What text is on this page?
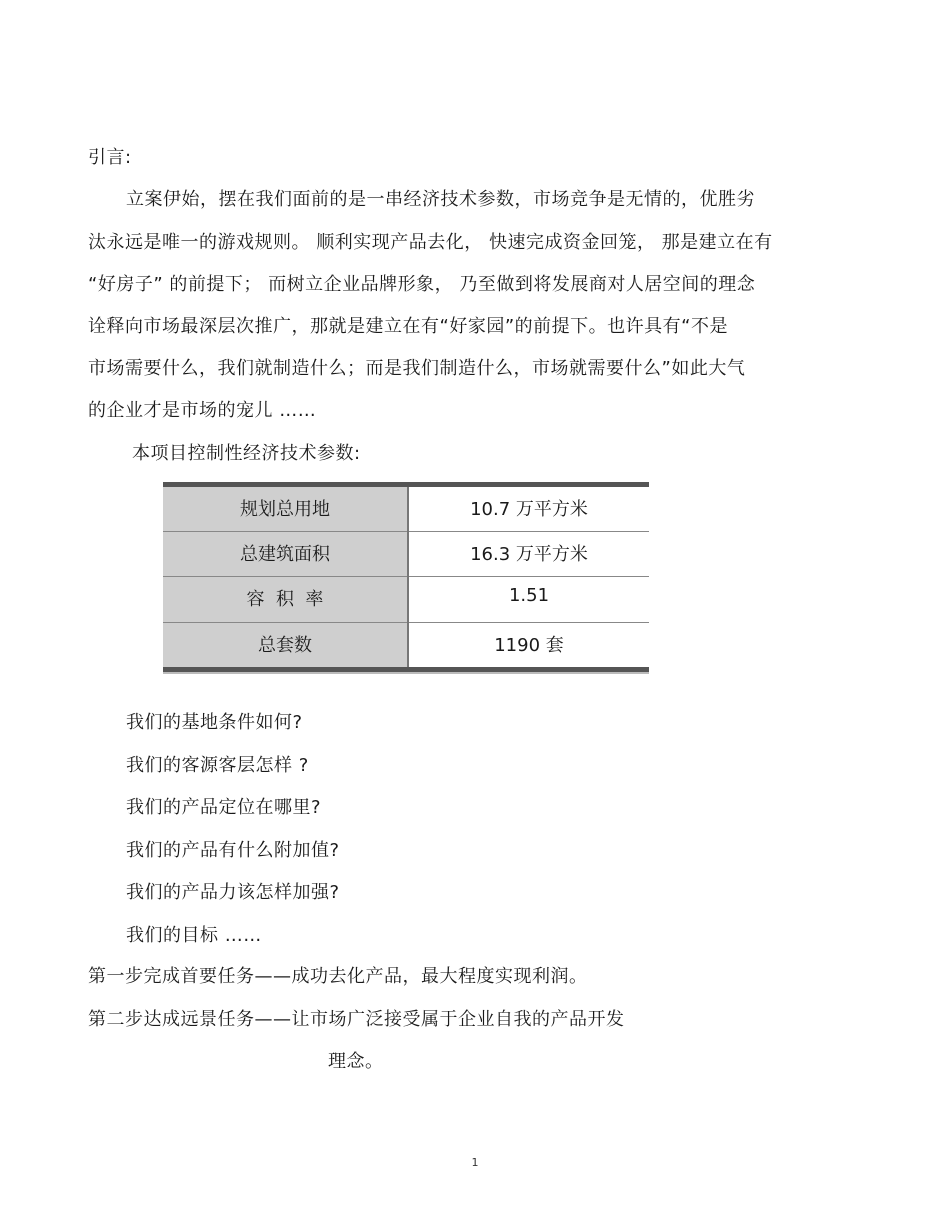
引言:
立案伊始，摆在我们面前的是一串经济技术参数，市场竞争是无情的，优胜劣
汰永远是唯一的游戏规则。 顺利实现产品去化， 快速完成资金回笼， 那是建立在有
“好房子” 的前提下； 而树立企业品牌形象， 乃至做到将发展商对人居空间的理念
诠释向市场最深层次推广，那就是建立在有“好家园”的前提下。也许具有“不是
市场需要什么，我们就制造什么；而是我们制造什么，市场就需要什么”如此大气
的企业才是市场的宠儿 ……
本项目控制性经济技术参数:
规划总用地	10.7 万平方米
总建筑面积	16.3 万平方米
容  积  率	1.51
总套数	1190 套
我们的基地条件如何?
我们的客源客层怎样 ?
我们的产品定位在哪里?
我们的产品有什么附加值?
我们的产品力该怎样加强?
我们的目标 ……
第一步完成首要任务——成功去化产品，最大程度实现利润。
第二步达成远景任务——让市场广泛接受属于企业自我的产品开发
理念。
1
